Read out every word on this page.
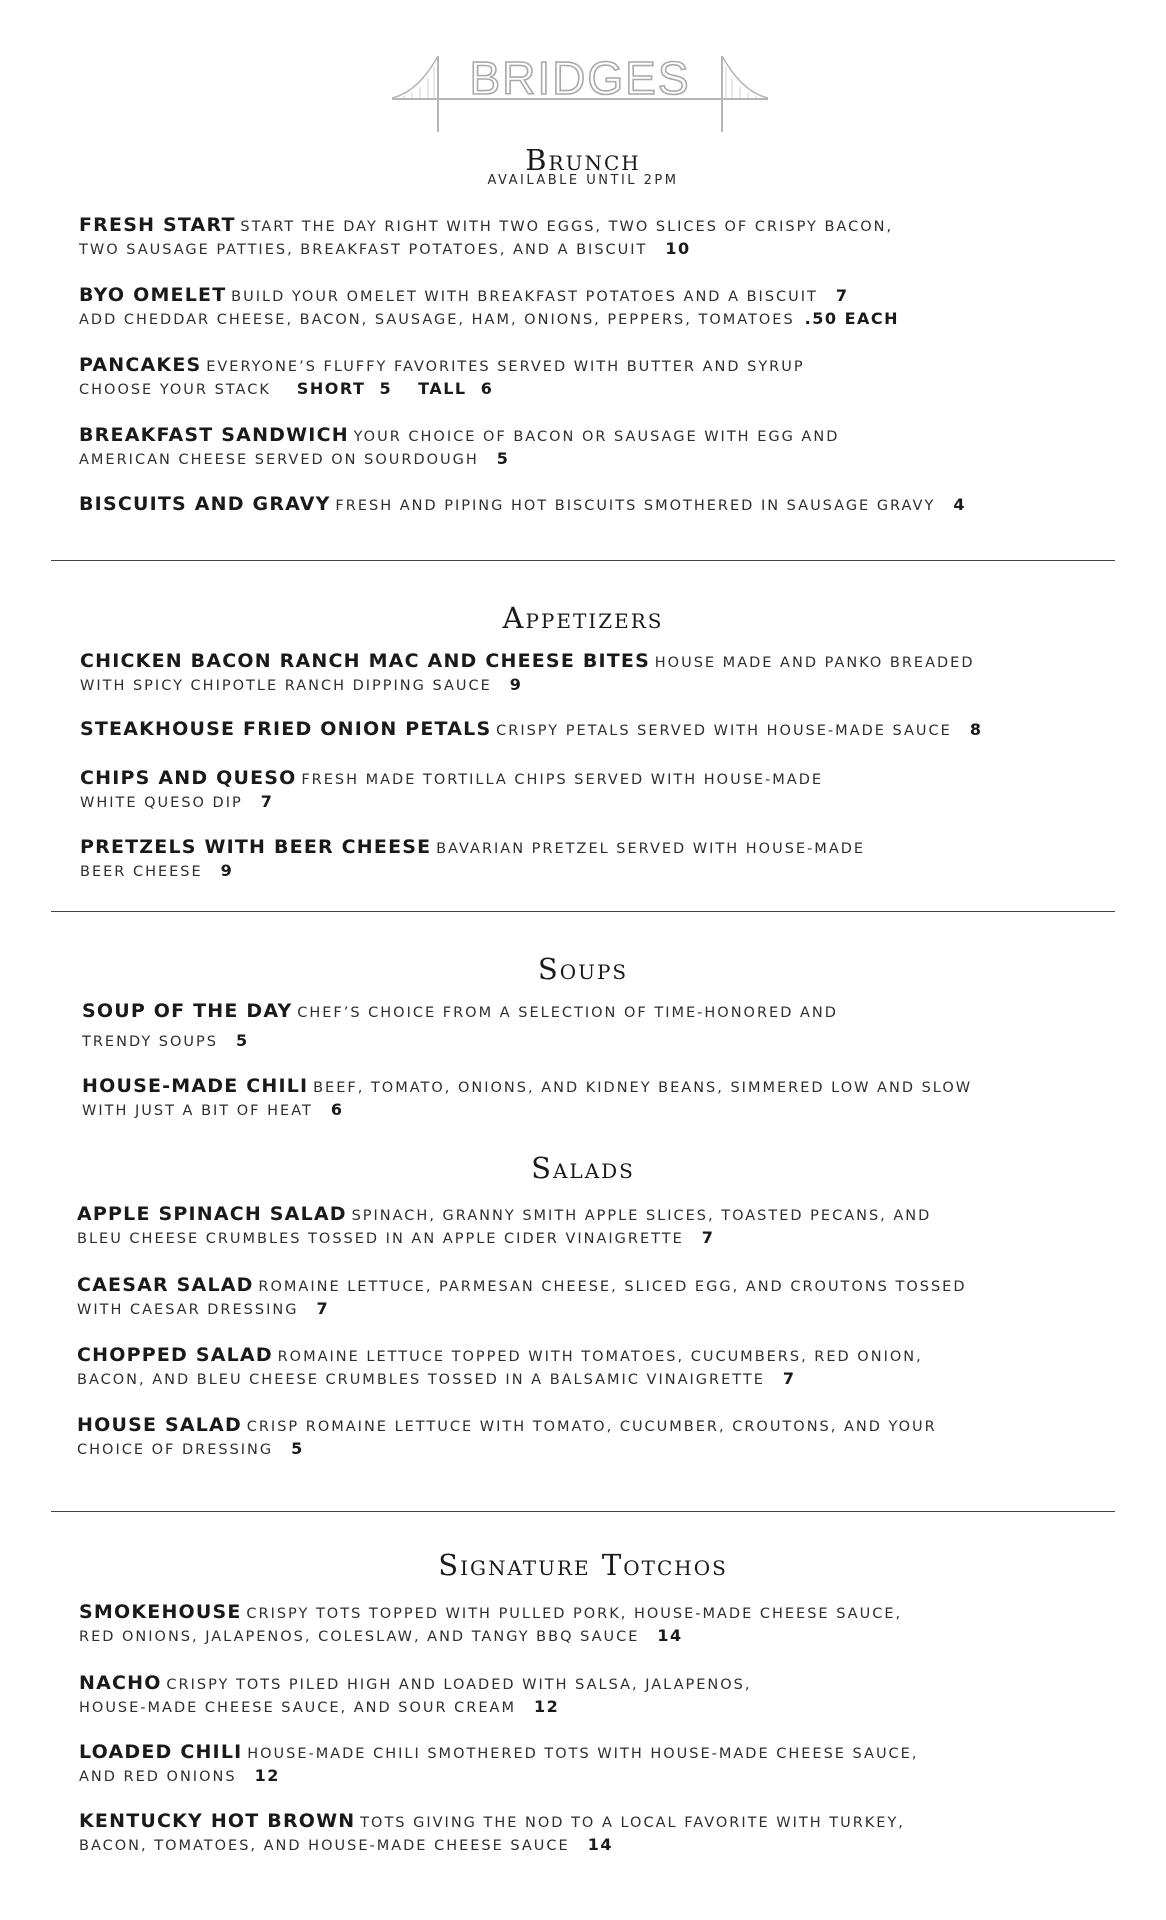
BRIDGES
Brunch
AVAILABLE UNTIL 2PM
FRESH START START THE DAY RIGHT WITH TWO EGGS, TWO SLICES OF CRISPY BACON,
TWO SAUSAGE PATTIES, BREAKFAST POTATOES, AND A BISCUIT 10
BYO OMELET BUILD YOUR OMELET WITH BREAKFAST POTATOES AND A BISCUIT 7
ADD CHEDDAR CHEESE, BACON, SAUSAGE, HAM, ONIONS, PEPPERS, TOMATOES .50 EACH
PANCAKES EVERYONE’S FLUFFY FAVORITES SERVED WITH BUTTER AND SYRUP
CHOOSE YOUR STACK SHORT  5 TALL  6
BREAKFAST SANDWICH YOUR CHOICE OF BACON OR SAUSAGE WITH EGG AND
AMERICAN CHEESE SERVED ON SOURDOUGH 5
BISCUITS AND GRAVY FRESH AND PIPING HOT BISCUITS SMOTHERED IN SAUSAGE GRAVY 4
Appetizers
CHICKEN BACON RANCH MAC AND CHEESE BITES HOUSE MADE AND PANKO BREADED
WITH SPICY CHIPOTLE RANCH DIPPING SAUCE 9
STEAKHOUSE FRIED ONION PETALS CRISPY PETALS SERVED WITH HOUSE-MADE SAUCE 8
CHIPS AND QUESO FRESH MADE TORTILLA CHIPS SERVED WITH HOUSE-MADE
WHITE QUESO DIP 7
PRETZELS WITH BEER CHEESE BAVARIAN PRETZEL SERVED WITH HOUSE-MADE
BEER CHEESE 9
Soups
SOUP OF THE DAY CHEF’S CHOICE FROM A SELECTION OF TIME-HONORED AND
TRENDY SOUPS 5
HOUSE-MADE CHILI BEEF, TOMATO, ONIONS, AND KIDNEY BEANS, SIMMERED LOW AND SLOW
WITH JUST A BIT OF HEAT 6
Salads
APPLE SPINACH SALAD SPINACH, GRANNY SMITH APPLE SLICES, TOASTED PECANS, AND
BLEU CHEESE CRUMBLES TOSSED IN AN APPLE CIDER VINAIGRETTE 7
CAESAR SALAD ROMAINE LETTUCE, PARMESAN CHEESE, SLICED EGG, AND CROUTONS TOSSED
WITH CAESAR DRESSING 7
CHOPPED SALAD ROMAINE LETTUCE TOPPED WITH TOMATOES, CUCUMBERS, RED ONION,
BACON, AND BLEU CHEESE CRUMBLES TOSSED IN A BALSAMIC VINAIGRETTE 7
HOUSE SALAD CRISP ROMAINE LETTUCE WITH TOMATO, CUCUMBER, CROUTONS, AND YOUR
CHOICE OF DRESSING 5
Signature Totchos
SMOKEHOUSE CRISPY TOTS TOPPED WITH PULLED PORK, HOUSE-MADE CHEESE SAUCE,
RED ONIONS, JALAPENOS, COLESLAW, AND TANGY BBQ SAUCE 14
NACHO CRISPY TOTS PILED HIGH AND LOADED WITH SALSA, JALAPENOS,
HOUSE-MADE CHEESE SAUCE, AND SOUR CREAM 12
LOADED CHILI HOUSE-MADE CHILI SMOTHERED TOTS WITH HOUSE-MADE CHEESE SAUCE,
AND RED ONIONS 12
KENTUCKY HOT BROWN TOTS GIVING THE NOD TO A LOCAL FAVORITE WITH TURKEY,
BACON, TOMATOES, AND HOUSE-MADE CHEESE SAUCE 14
